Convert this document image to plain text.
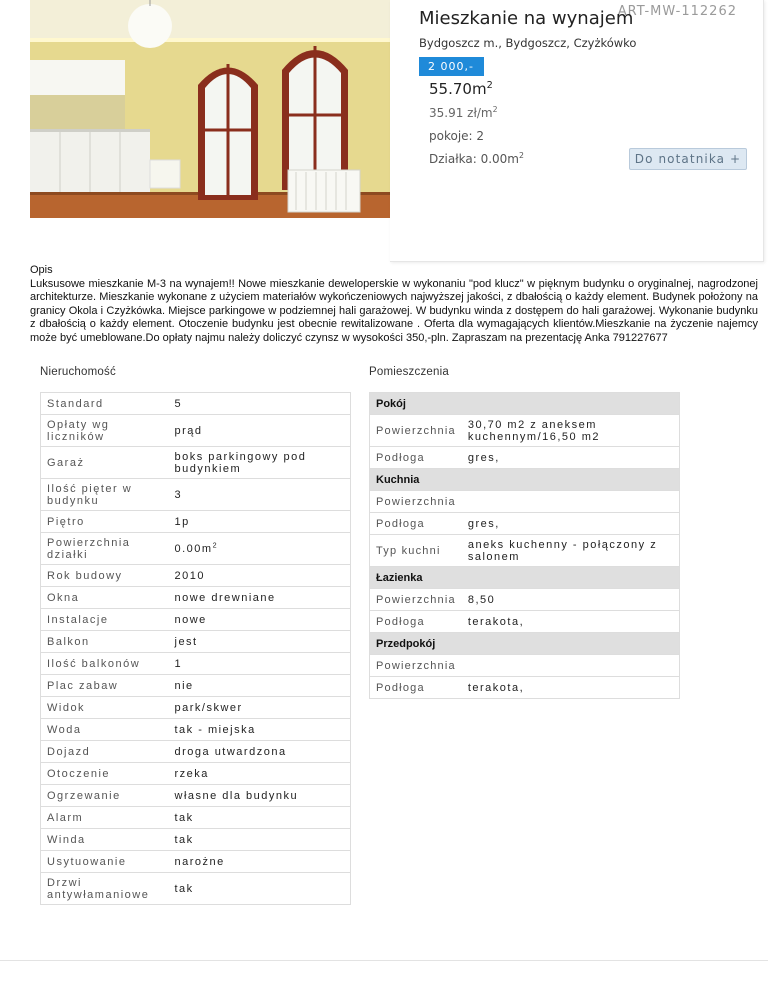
ART-MW-112262
Mieszkanie na wynajem
Bydgoszcz m., Bydgoszcz, Czyżkówko
2 000,-
$55.70m^2$
35.91 $zł/m^2$
pokoje: 2
Działka: $0.00m^2$	Do notatnika +
Opis
Luksusowe mieszkanie M-3 na wynajem!! Nowe mieszkanie deweloperskie w wykonaniu "pod klucz" w pięknym budynku o oryginalnej, nagrodzonej architekturze. Mieszkanie wykonane z użyciem materiałów wykończeniowych najwyższej jakości, z dbałością o każdy element. Budynek położony na granicy Okola i Czyżkówka. Miejsce parkingowe w podziemnej hali garażowej. W budynku winda z dostępem do hali garażowej. Wykonanie budynku z dbałością o każdy element. Otoczenie budynku jest obecnie rewitalizowane . Oferta dla wymagających klientów.Mieszkanie na życzenie najemcy może być umeblowane.Do opłaty najmu należy doliczyć czynsz w wysokości 350,-pln. Zapraszam na prezentację Anka 791227677
Nieruchomość	Pomieszczenia
Standard	5
Opłaty wg liczników	prąd
Garaż	boks parkingowy pod budynkiem
Ilość pięter w budynku	3
Piętro	1p
Powierzchnia działki	$0.00m^2$
Rok budowy	2010
Okna	nowe drewniane
Instalacje	nowe
Balkon	jest
Ilość balkonów	1
Plac zabaw	nie
Widok	park/skwer
Woda	tak - miejska
Dojazd	droga utwardzona
Otoczenie	rzeka
Ogrzewanie	własne dla budynku
Alarm	tak
Winda	tak
Usytuowanie	narożne
Drzwi antywłamaniowe	tak
Pokój	
Powierzchnia	30,70 m2 z aneksem kuchennym/16,50 m2
Podłoga	gres,
Kuchnia	
Powierzchnia	
Podłoga	gres,
Typ kuchni	aneks kuchenny - połączony z salonem
Łazienka	
Powierzchnia	8,50
Podłoga	terakota,
Przedpokój	
Powierzchnia	
Podłoga	terakota,
